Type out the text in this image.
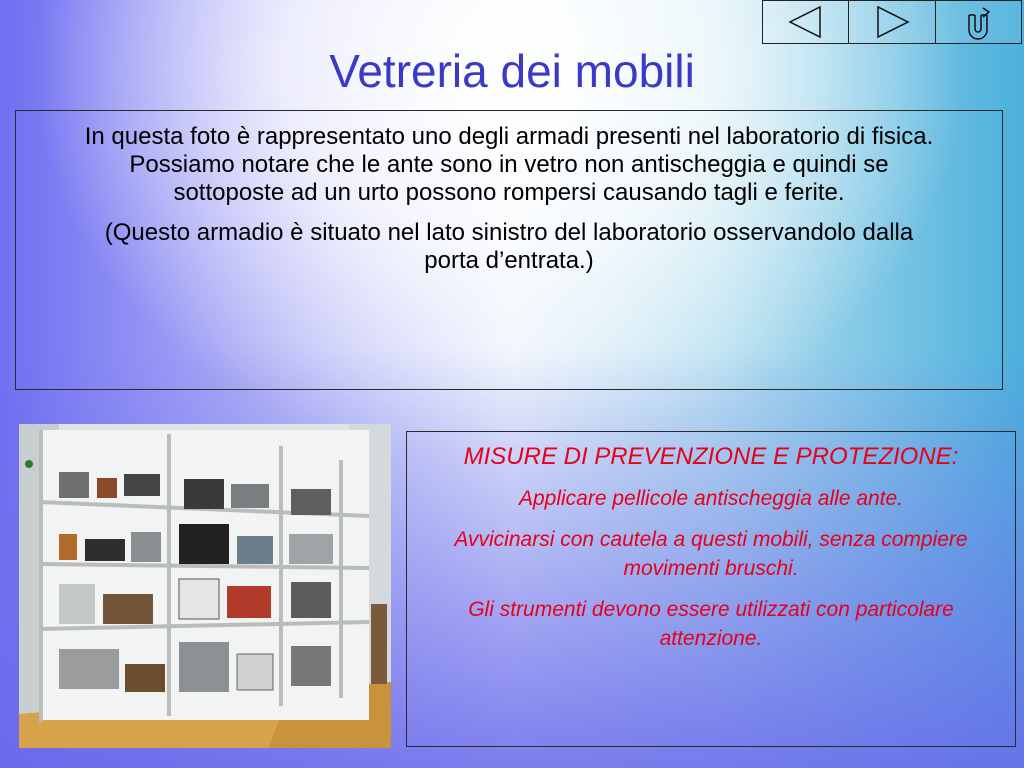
Vetreria dei mobili

In questa foto è rappresentato uno degli armadi presenti nel laboratorio di fisica. Possiamo notare che le ante sono in vetro non antischeggia e quindi se sottoposte ad un urto possono rompersi causando tagli e ferite.

(Questo armadio è situato nel lato sinistro del laboratorio osservandolo dalla porta d’entrata.)

MISURE DI PREVENZIONE E PROTEZIONE:

Applicare pellicole antischeggia alle ante.

Avvicinarsi con cautela a questi mobili, senza compiere movimenti bruschi.

Gli strumenti devono essere utilizzati con particolare attenzione.
